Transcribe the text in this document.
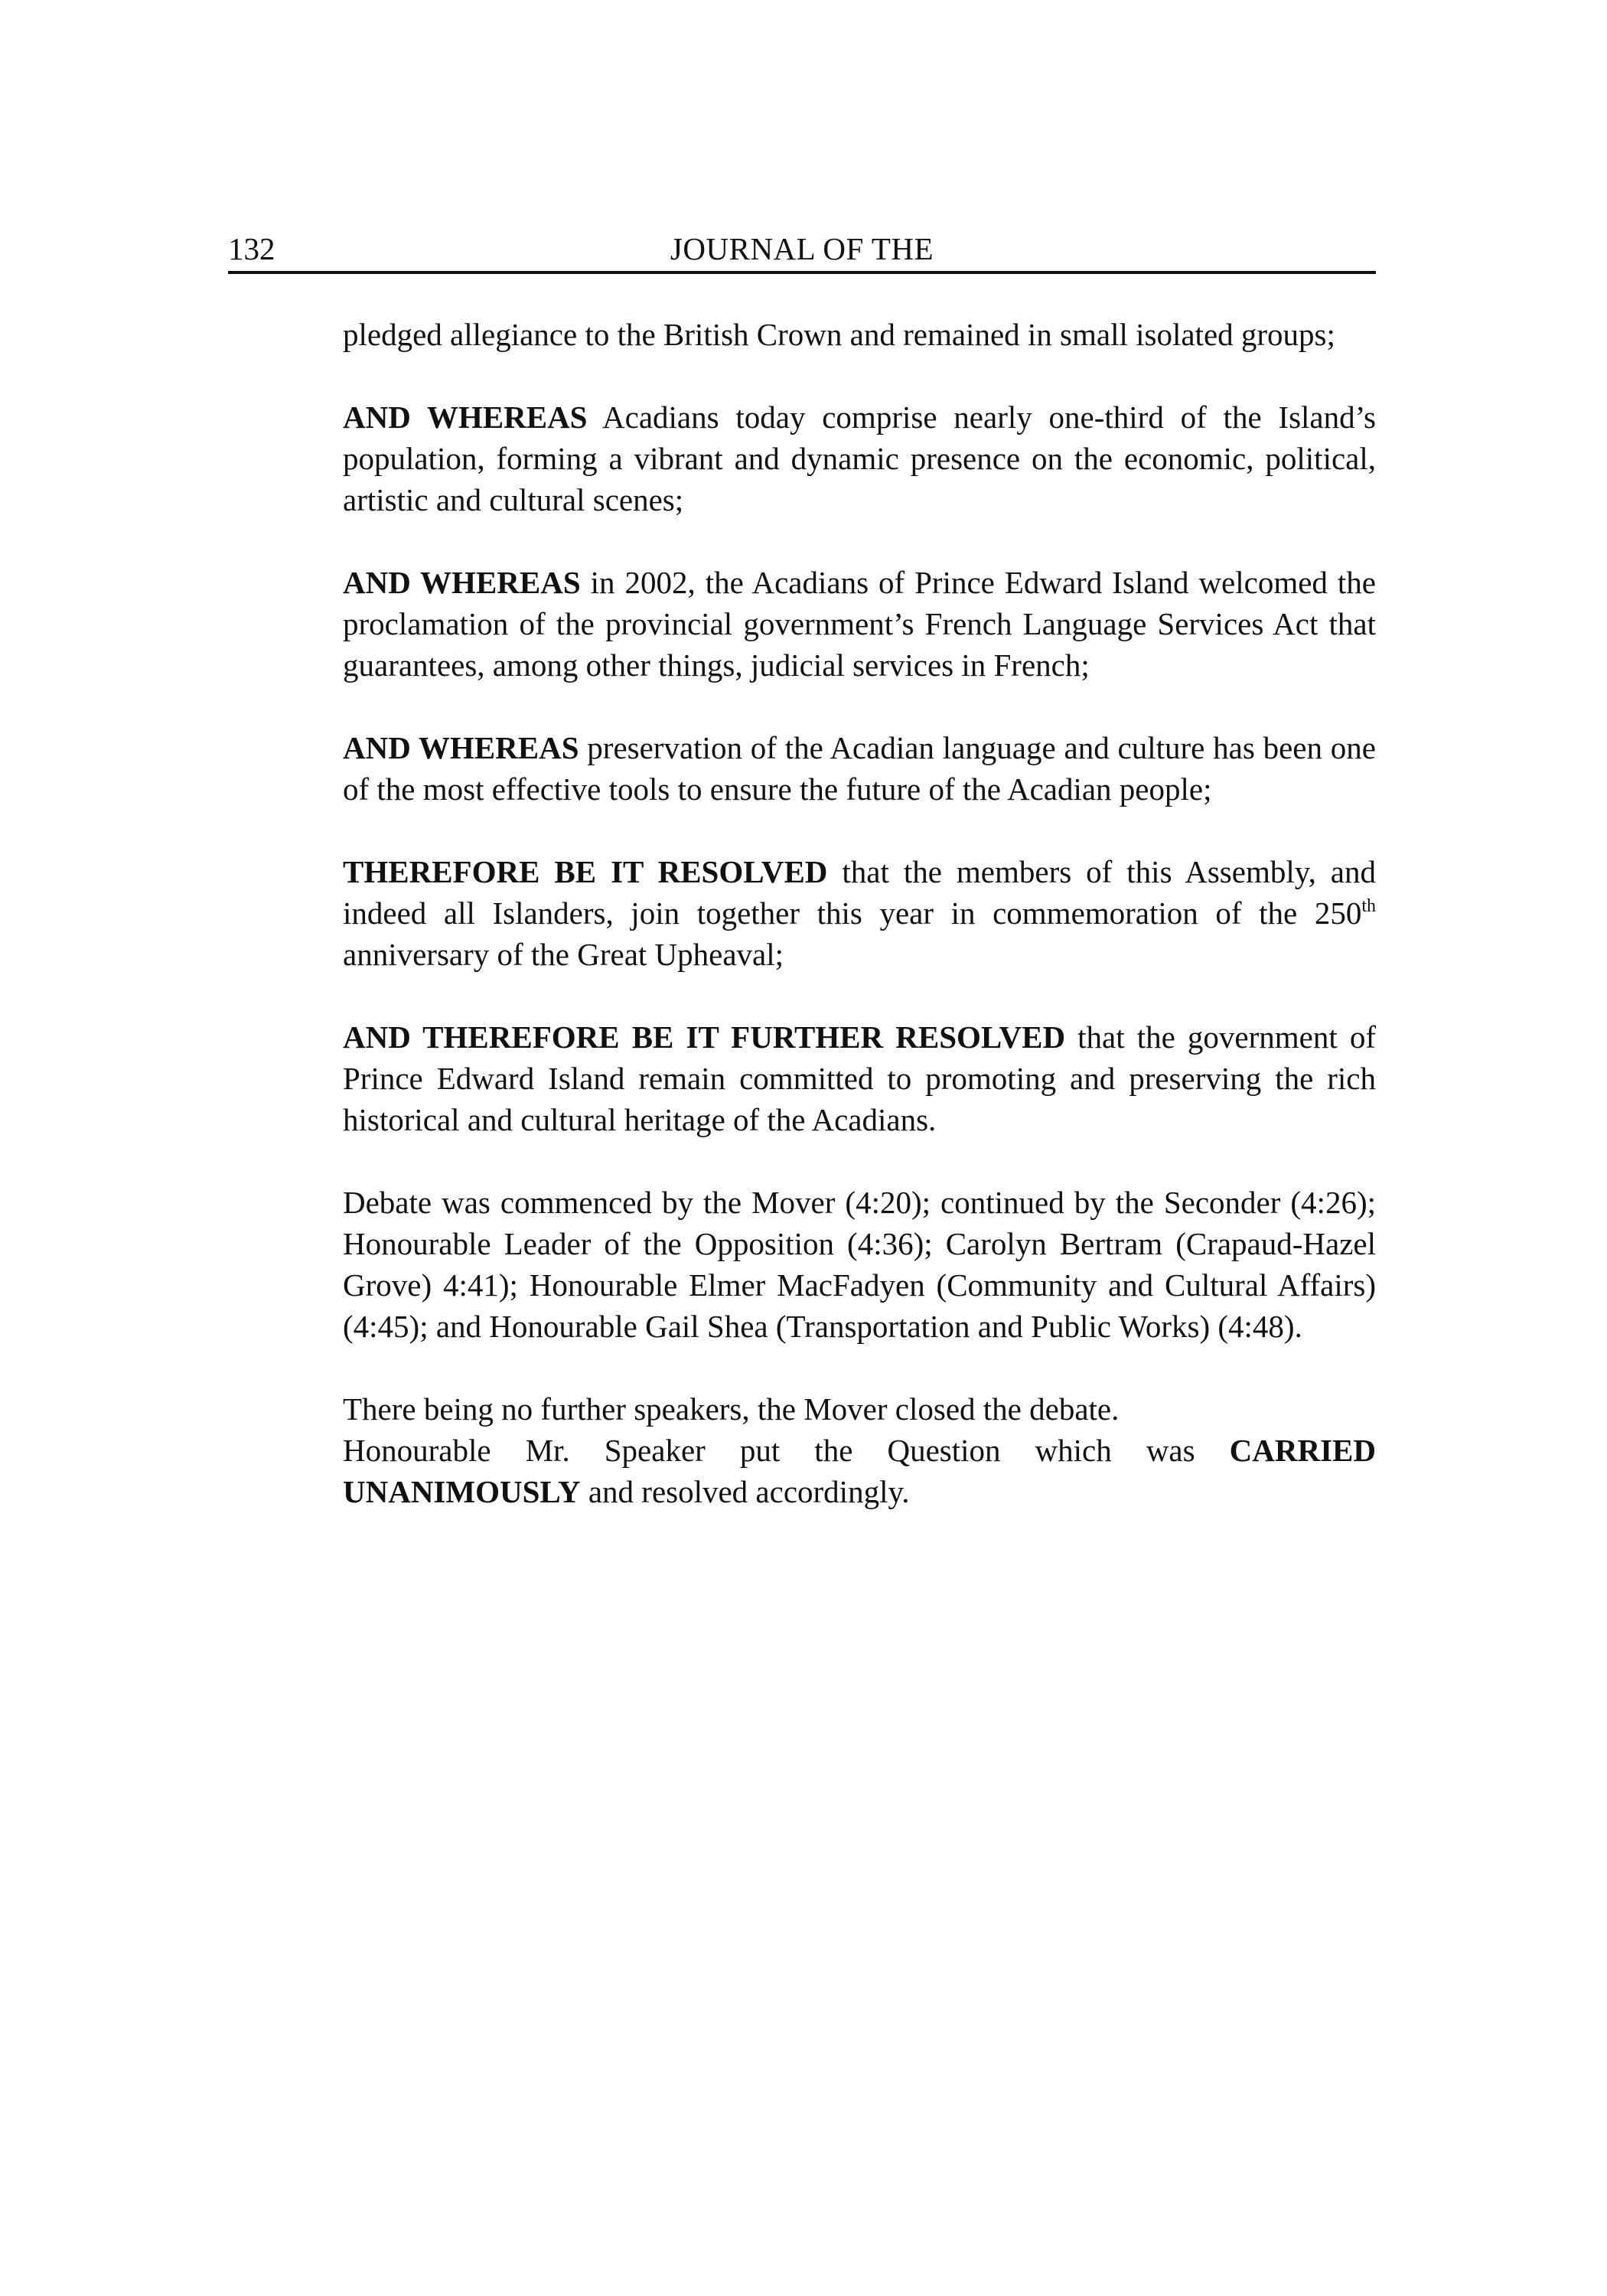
132	JOURNAL OF THE

pledged allegiance to the British Crown and remained in small isolated groups;

AND WHEREAS Acadians today comprise nearly one-third of the Island’s population, forming a vibrant and dynamic presence on the economic, political, artistic and cultural scenes;

AND WHEREAS in 2002, the Acadians of Prince Edward Island welcomed the proclamation of the provincial government’s French Language Services Act that guarantees, among other things, judicial services in French;

AND WHEREAS preservation of the Acadian language and culture has been one of the most effective tools to ensure the future of the Acadian people;

THEREFORE BE IT RESOLVED that the members of this Assembly, and indeed all Islanders, join together this year in commemoration of the 250th anniversary of the Great Upheaval;

AND THEREFORE BE IT FURTHER RESOLVED that the government of Prince Edward Island remain committed to promoting and preserving the rich historical and cultural heritage of the Acadians.

Debate was commenced by the Mover (4:20); continued by the Seconder (4:26); Honourable Leader of the Opposition (4:36); Carolyn Bertram (Crapaud-Hazel Grove) 4:41); Honourable Elmer MacFadyen (Community and Cultural Affairs) (4:45); and Honourable Gail Shea (Transportation and Public Works) (4:48).

There being no further speakers, the Mover closed the debate.

Honourable Mr. Speaker put the Question which was CARRIED UNANIMOUSLY and resolved accordingly.
